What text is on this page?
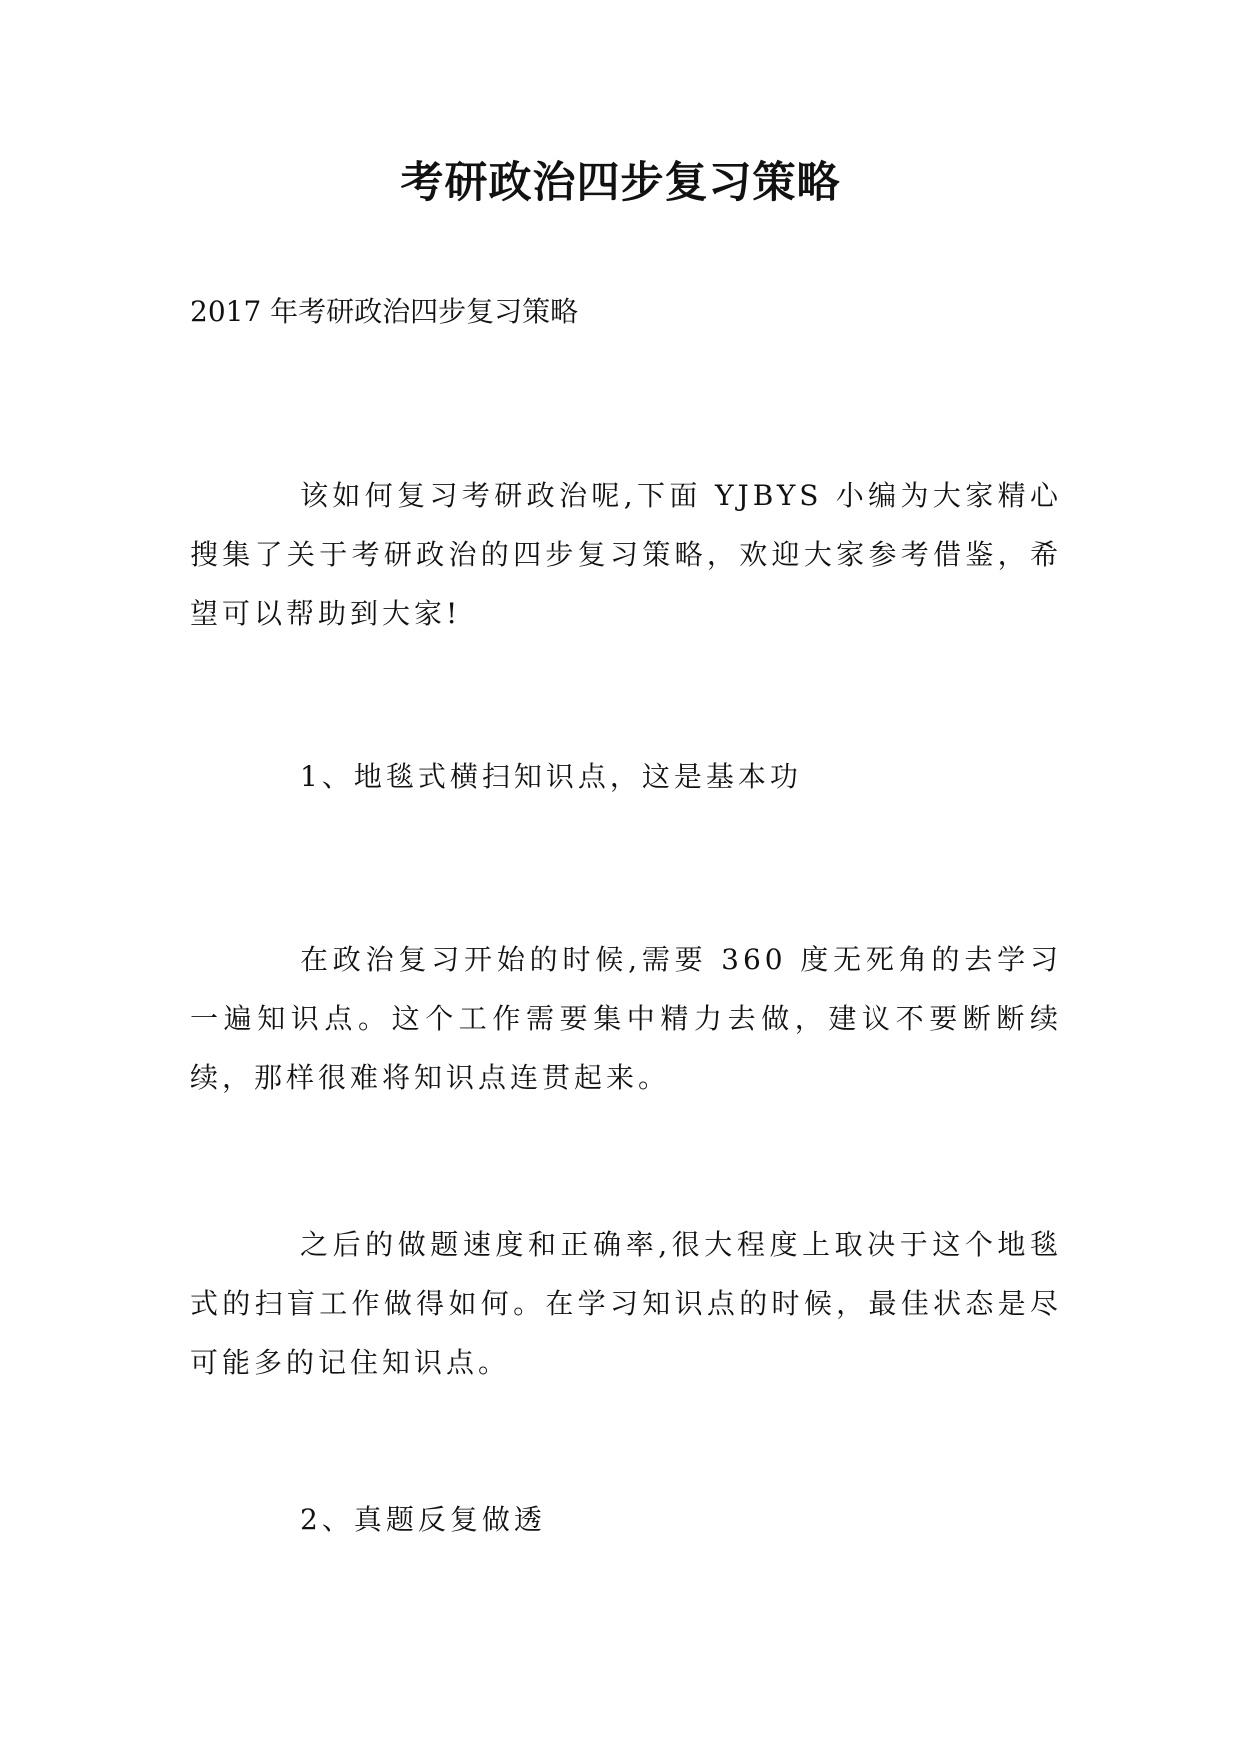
考研政治四步复习策略
2017 年考研政治四步复习策略
该如何复习考研政治呢,下面 YJBYS 小编为大家精心搜集了关于考研政治的四步复习策略，欢迎大家参考借鉴，希望可以帮助到大家!
1、地毯式横扫知识点，这是基本功
在政治复习开始的时候,需要 360 度无死角的去学习一遍知识点。这个工作需要集中精力去做，建议不要断断续续，那样很难将知识点连贯起来。
之后的做题速度和正确率,很大程度上取决于这个地毯式的扫盲工作做得如何。在学习知识点的时候，最佳状态是尽可能多的记住知识点。
2、真题反复做透
